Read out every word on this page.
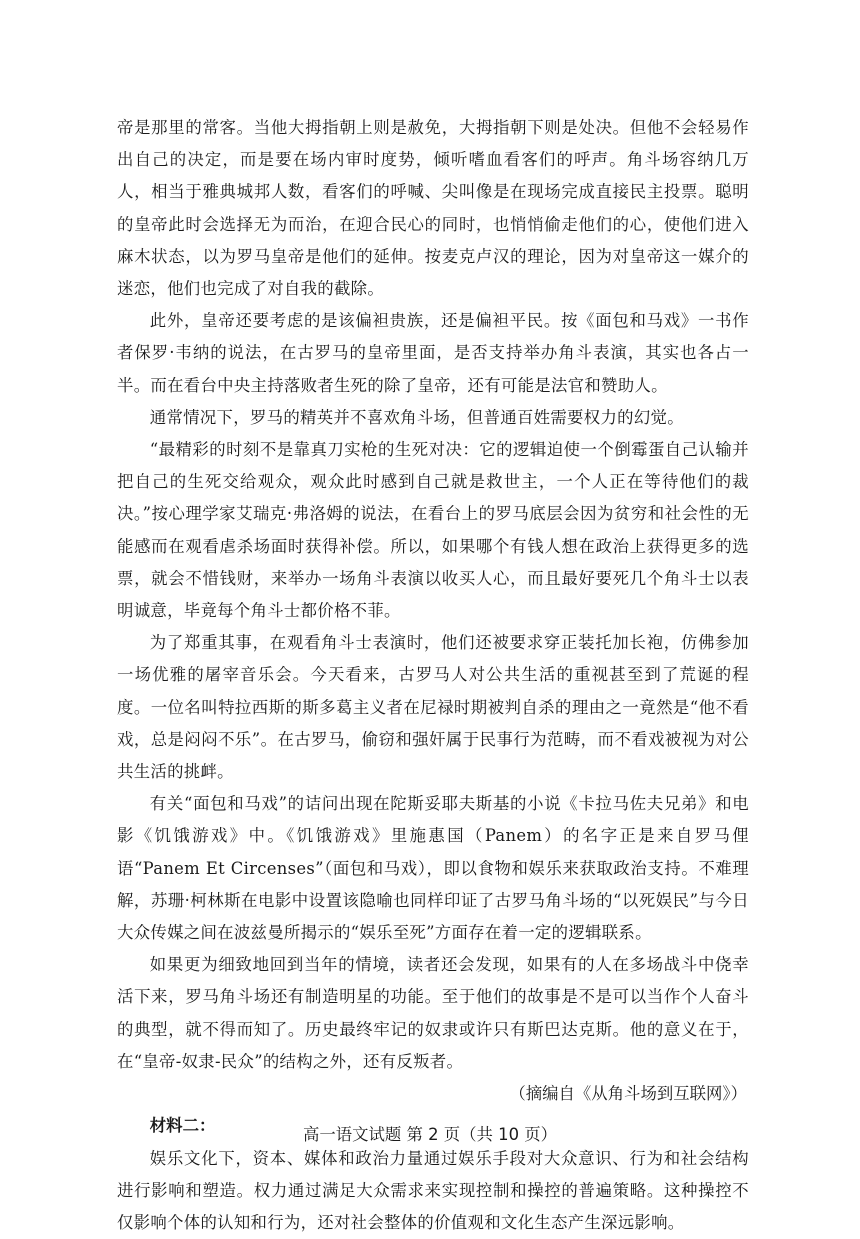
帝是那里的常客。当他大拇指朝上则是赦免，大拇指朝下则是处决。但他不会轻易作出自己的决定，而是要在场内审时度势，倾听嗜血看客们的呼声。角斗场容纳几万人，相当于雅典城邦人数，看客们的呼喊、尖叫像是在现场完成直接民主投票。聪明的皇帝此时会选择无为而治，在迎合民心的同时，也悄悄偷走他们的心，使他们进入麻木状态，以为罗马皇帝是他们的延伸。按麦克卢汉的理论，因为对皇帝这一媒介的迷恋，他们也完成了对自我的截除。

此外，皇帝还要考虑的是该偏袒贵族，还是偏袒平民。按《面包和马戏》一书作者保罗·韦纳的说法，在古罗马的皇帝里面，是否支持举办角斗表演，其实也各占一半。而在看台中央主持落败者生死的除了皇帝，还有可能是法官和赞助人。

通常情况下，罗马的精英并不喜欢角斗场，但普通百姓需要权力的幻觉。

“最精彩的时刻不是靠真刀实枪的生死对决：它的逻辑迫使一个倒霉蛋自己认输并把自己的生死交给观众，观众此时感到自己就是救世主，一个人正在等待他们的裁决。”按心理学家艾瑞克·弗洛姆的说法，在看台上的罗马底层会因为贫穷和社会性的无能感而在观看虐杀场面时获得补偿。所以，如果哪个有钱人想在政治上获得更多的选票，就会不惜钱财，来举办一场角斗表演以收买人心，而且最好要死几个角斗士以表明诚意，毕竟每个角斗士都价格不菲。

为了郑重其事，在观看角斗士表演时，他们还被要求穿正装托加长袍，仿佛参加一场优雅的屠宰音乐会。今天看来，古罗马人对公共生活的重视甚至到了荒诞的程度。一位名叫特拉西斯的斯多葛主义者在尼禄时期被判自杀的理由之一竟然是“他不看戏，总是闷闷不乐”。在古罗马，偷窃和强奸属于民事行为范畴，而不看戏被视为对公共生活的挑衅。

有关“面包和马戏”的诘问出现在陀斯妥耶夫斯基的小说《卡拉马佐夫兄弟》和电影《饥饿游戏》中。《饥饿游戏》里施惠国（Panem）的名字正是来自罗马俚语“Panem Et Circenses”（面包和马戏），即以食物和娱乐来获取政治支持。不难理解，苏珊·柯林斯在电影中设置该隐喻也同样印证了古罗马角斗场的“以死娱民”与今日大众传媒之间在波兹曼所揭示的“娱乐至死”方面存在着一定的逻辑联系。

如果更为细致地回到当年的情境，读者还会发现，如果有的人在多场战斗中侥幸活下来，罗马角斗场还有制造明星的功能。至于他们的故事是不是可以当作个人奋斗的典型，就不得而知了。历史最终牢记的奴隶或许只有斯巴达克斯。他的意义在于，在“皇帝-奴隶-民众”的结构之外，还有反叛者。

（摘编自《从角斗场到互联网》）

材料二：

娱乐文化下，资本、媒体和政治力量通过娱乐手段对大众意识、行为和社会结构进行影响和塑造。权力通过满足大众需求来实现控制和操控的普遍策略。这种操控不仅影响个体的认知和行为，还对社会整体的价值观和文化生态产生深远影响。

高一语文试题 第 2 页（共 10 页）
